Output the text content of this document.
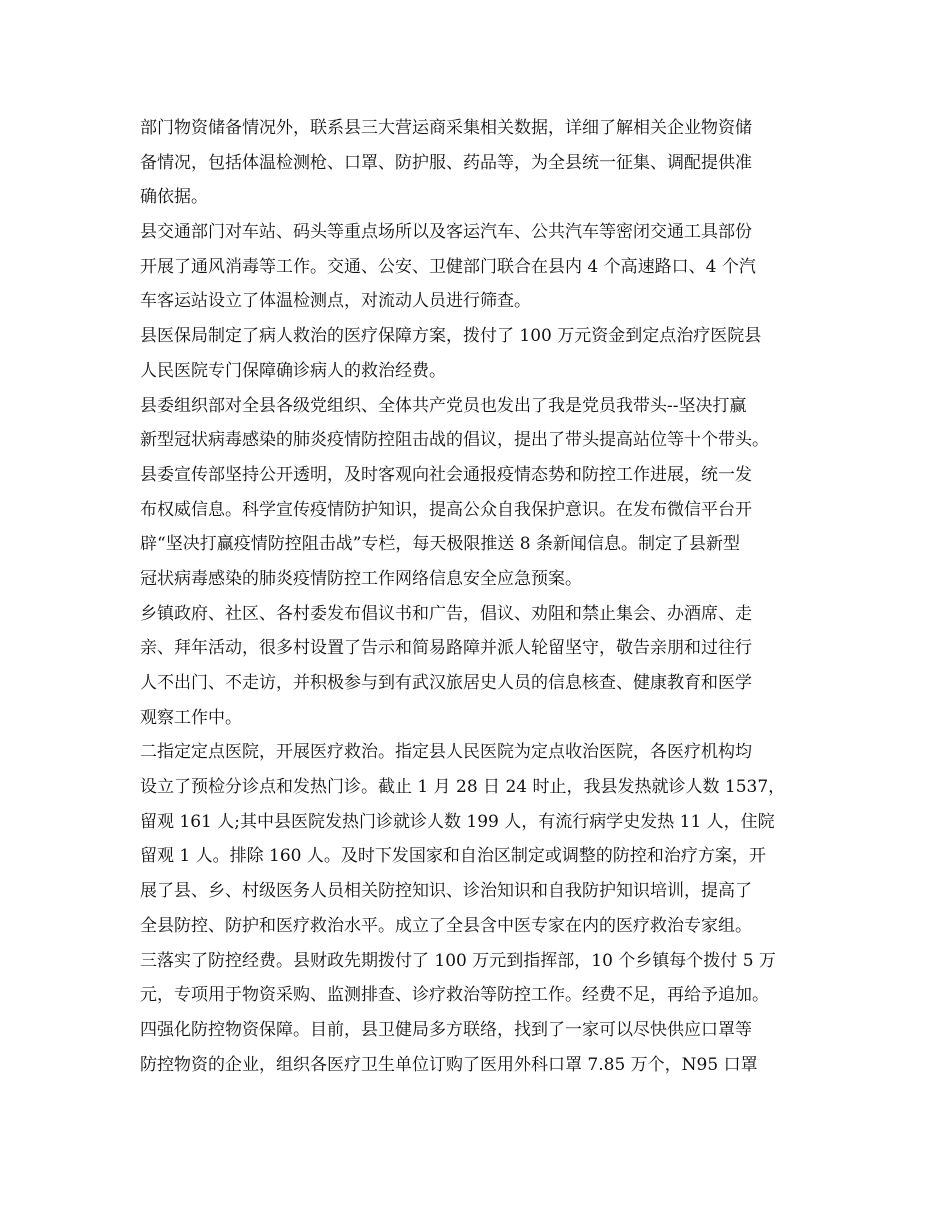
部门物资储备情况外，联系县三大营运商采集相关数据，详细了解相关企业物资储
备情况，包括体温检测枪、口罩、防护服、药品等，为全县统一征集、调配提供准
确依据。
县交通部门对车站、码头等重点场所以及客运汽车、公共汽车等密闭交通工具部份
开展了通风消毒等工作。交通、公安、卫健部门联合在县内 4 个高速路口、4 个汽
车客运站设立了体温检测点，对流动人员进行筛查。
县医保局制定了病人救治的医疗保障方案，拨付了 100 万元资金到定点治疗医院县
人民医院专门保障确诊病人的救治经费。
县委组织部对全县各级党组织、全体共产党员也发出了我是党员我带头--坚决打赢
新型冠状病毒感染的肺炎疫情防控阻击战的倡议，提出了带头提高站位等十个带头。
县委宣传部坚持公开透明，及时客观向社会通报疫情态势和防控工作进展，统一发
布权威信息。科学宣传疫情防护知识，提高公众自我保护意识。在发布微信平台开
辟“坚决打赢疫情防控阻击战”专栏，每天极限推送 8 条新闻信息。制定了县新型
冠状病毒感染的肺炎疫情防控工作网络信息安全应急预案。
乡镇政府、社区、各村委发布倡议书和广告，倡议、劝阻和禁止集会、办酒席、走
亲、拜年活动，很多村设置了告示和简易路障并派人轮留坚守，敬告亲朋和过往行
人不出门、不走访，并积极参与到有武汉旅居史人员的信息核查、健康教育和医学
观察工作中。
二指定定点医院，开展医疗救治。指定县人民医院为定点收治医院，各医疗机构均
设立了预检分诊点和发热门诊。截止 1 月 28 日 24 时止，我县发热就诊人数 1537，
留观 161 人;其中县医院发热门诊就诊人数 199 人，有流行病学史发热 11 人，住院
留观 1 人。排除 160 人。及时下发国家和自治区制定或调整的防控和治疗方案，开
展了县、乡、村级医务人员相关防控知识、诊治知识和自我防护知识培训，提高了
全县防控、防护和医疗救治水平。成立了全县含中医专家在内的医疗救治专家组。
三落实了防控经费。县财政先期拨付了 100 万元到指挥部，10 个乡镇每个拨付 5 万
元，专项用于物资采购、监测排查、诊疗救治等防控工作。经费不足，再给予追加。
四强化防控物资保障。目前，县卫健局多方联络，找到了一家可以尽快供应口罩等
防控物资的企业，组织各医疗卫生单位订购了医用外科口罩 7.85 万个，N95 口罩
